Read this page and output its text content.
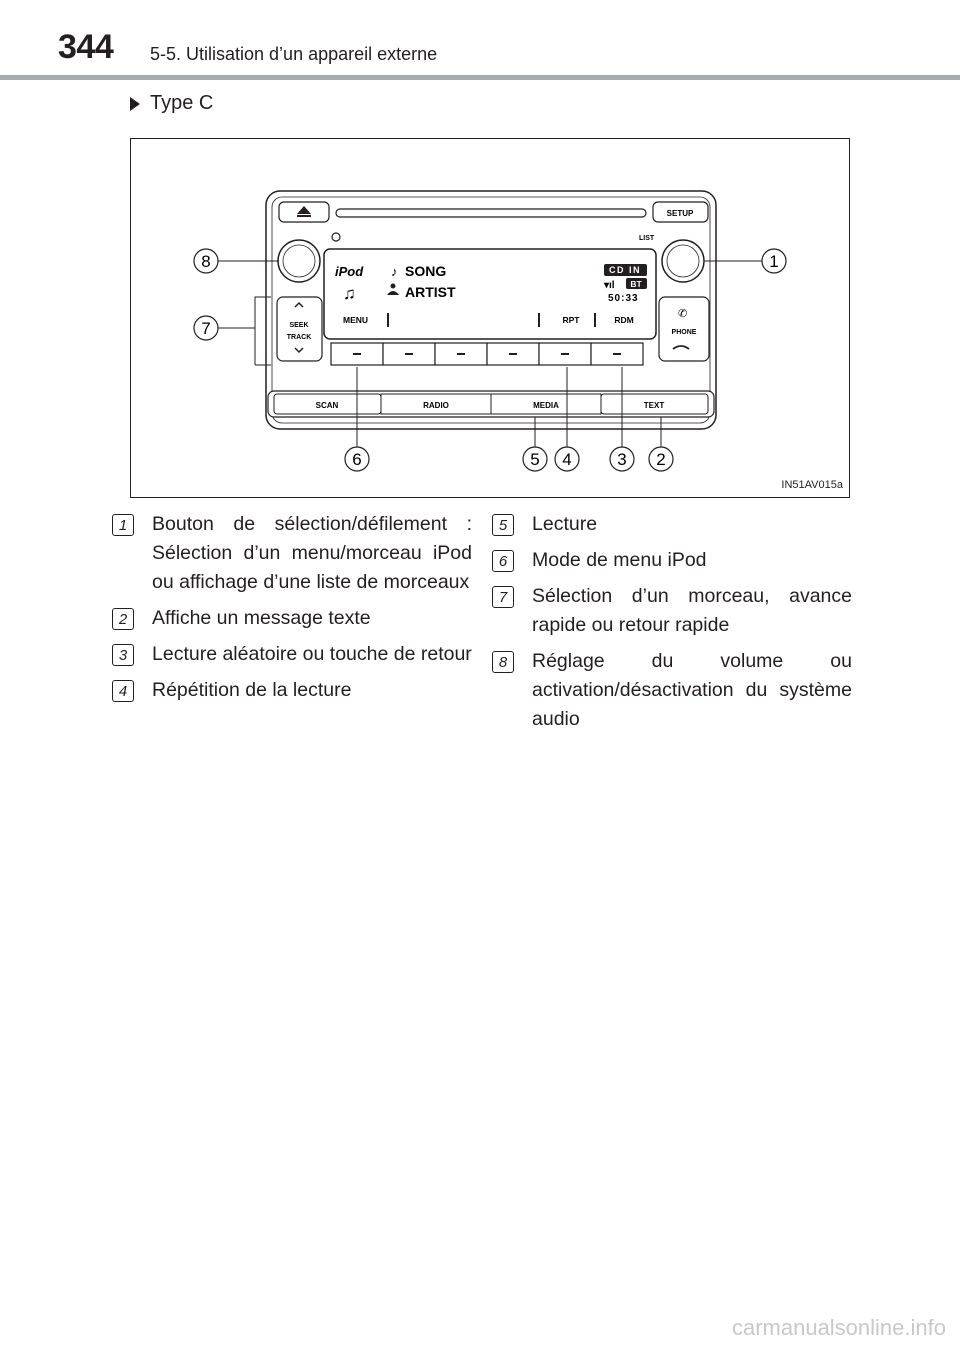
344 5-5. Utilisation d’un appareil externe
Type C
SETUP
LIST
iPod ♪ SONG
♫	ARTIST
CD IN
▾ıl BT
50:33
MENU	RPT	RDM
SEEK
TRACK
✆
PHONE
SCAN	RADIO	MEDIA	TEXT
8	1
7
6	5 4	3 2
IN51AV015a
1	Bouton de sélection/défilement : Sélection d’un menu/morceau iPod ou affichage d’une liste de morceaux
2	Affiche un message texte
3	Lecture aléatoire ou touche de retour
4	Répétition de la lecture
5	Lecture
6	Mode de menu iPod
7	Sélection d’un morceau, avance rapide ou retour rapide
8	Réglage du volume ou activation/désactivation du système audio
carmanualsonline.info
